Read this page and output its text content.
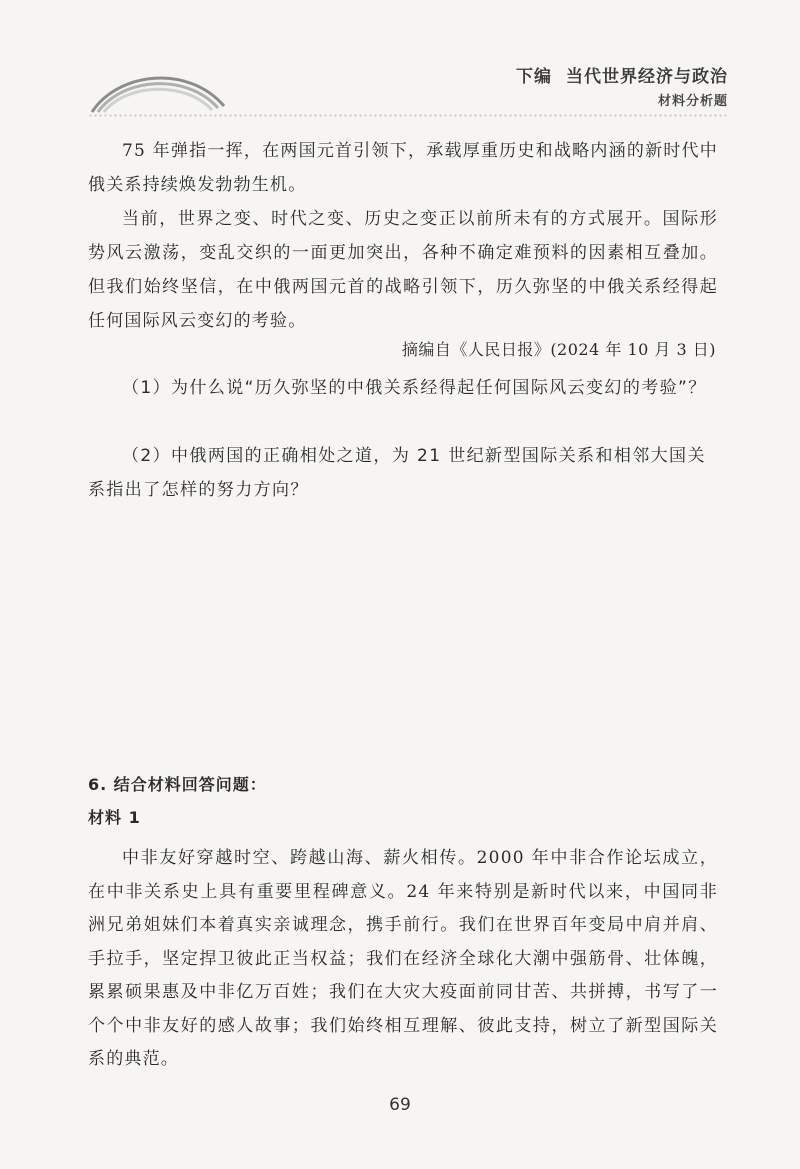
下编 当代世界经济与政治
材料分析题
75 年弹指一挥，在两国元首引领下，承载厚重历史和战略内涵的新时代中俄关系持续焕发勃勃生机。
当前，世界之变、时代之变、历史之变正以前所未有的方式展开。国际形势风云激荡，变乱交织的一面更加突出，各种不确定难预料的因素相互叠加。但我们始终坚信，在中俄两国元首的战略引领下，历久弥坚的中俄关系经得起任何国际风云变幻的考验。
摘编自《人民日报》(2024 年 10 月 3 日)
（1）为什么说“历久弥坚的中俄关系经得起任何国际风云变幻的考验”？
（2）中俄两国的正确相处之道，为 21 世纪新型国际关系和相邻大国关系指出了怎样的努力方向？
6. 结合材料回答问题：
材料 1
中非友好穿越时空、跨越山海、薪火相传。2000 年中非合作论坛成立，在中非关系史上具有重要里程碑意义。24 年来特别是新时代以来，中国同非洲兄弟姐妹们本着真实亲诚理念，携手前行。我们在世界百年变局中肩并肩、手拉手，坚定捍卫彼此正当权益；我们在经济全球化大潮中强筋骨、壮体魄，累累硕果惠及中非亿万百姓；我们在大灾大疫面前同甘苦、共拼搏，书写了一个个中非友好的感人故事；我们始终相互理解、彼此支持，树立了新型国际关系的典范。
69
